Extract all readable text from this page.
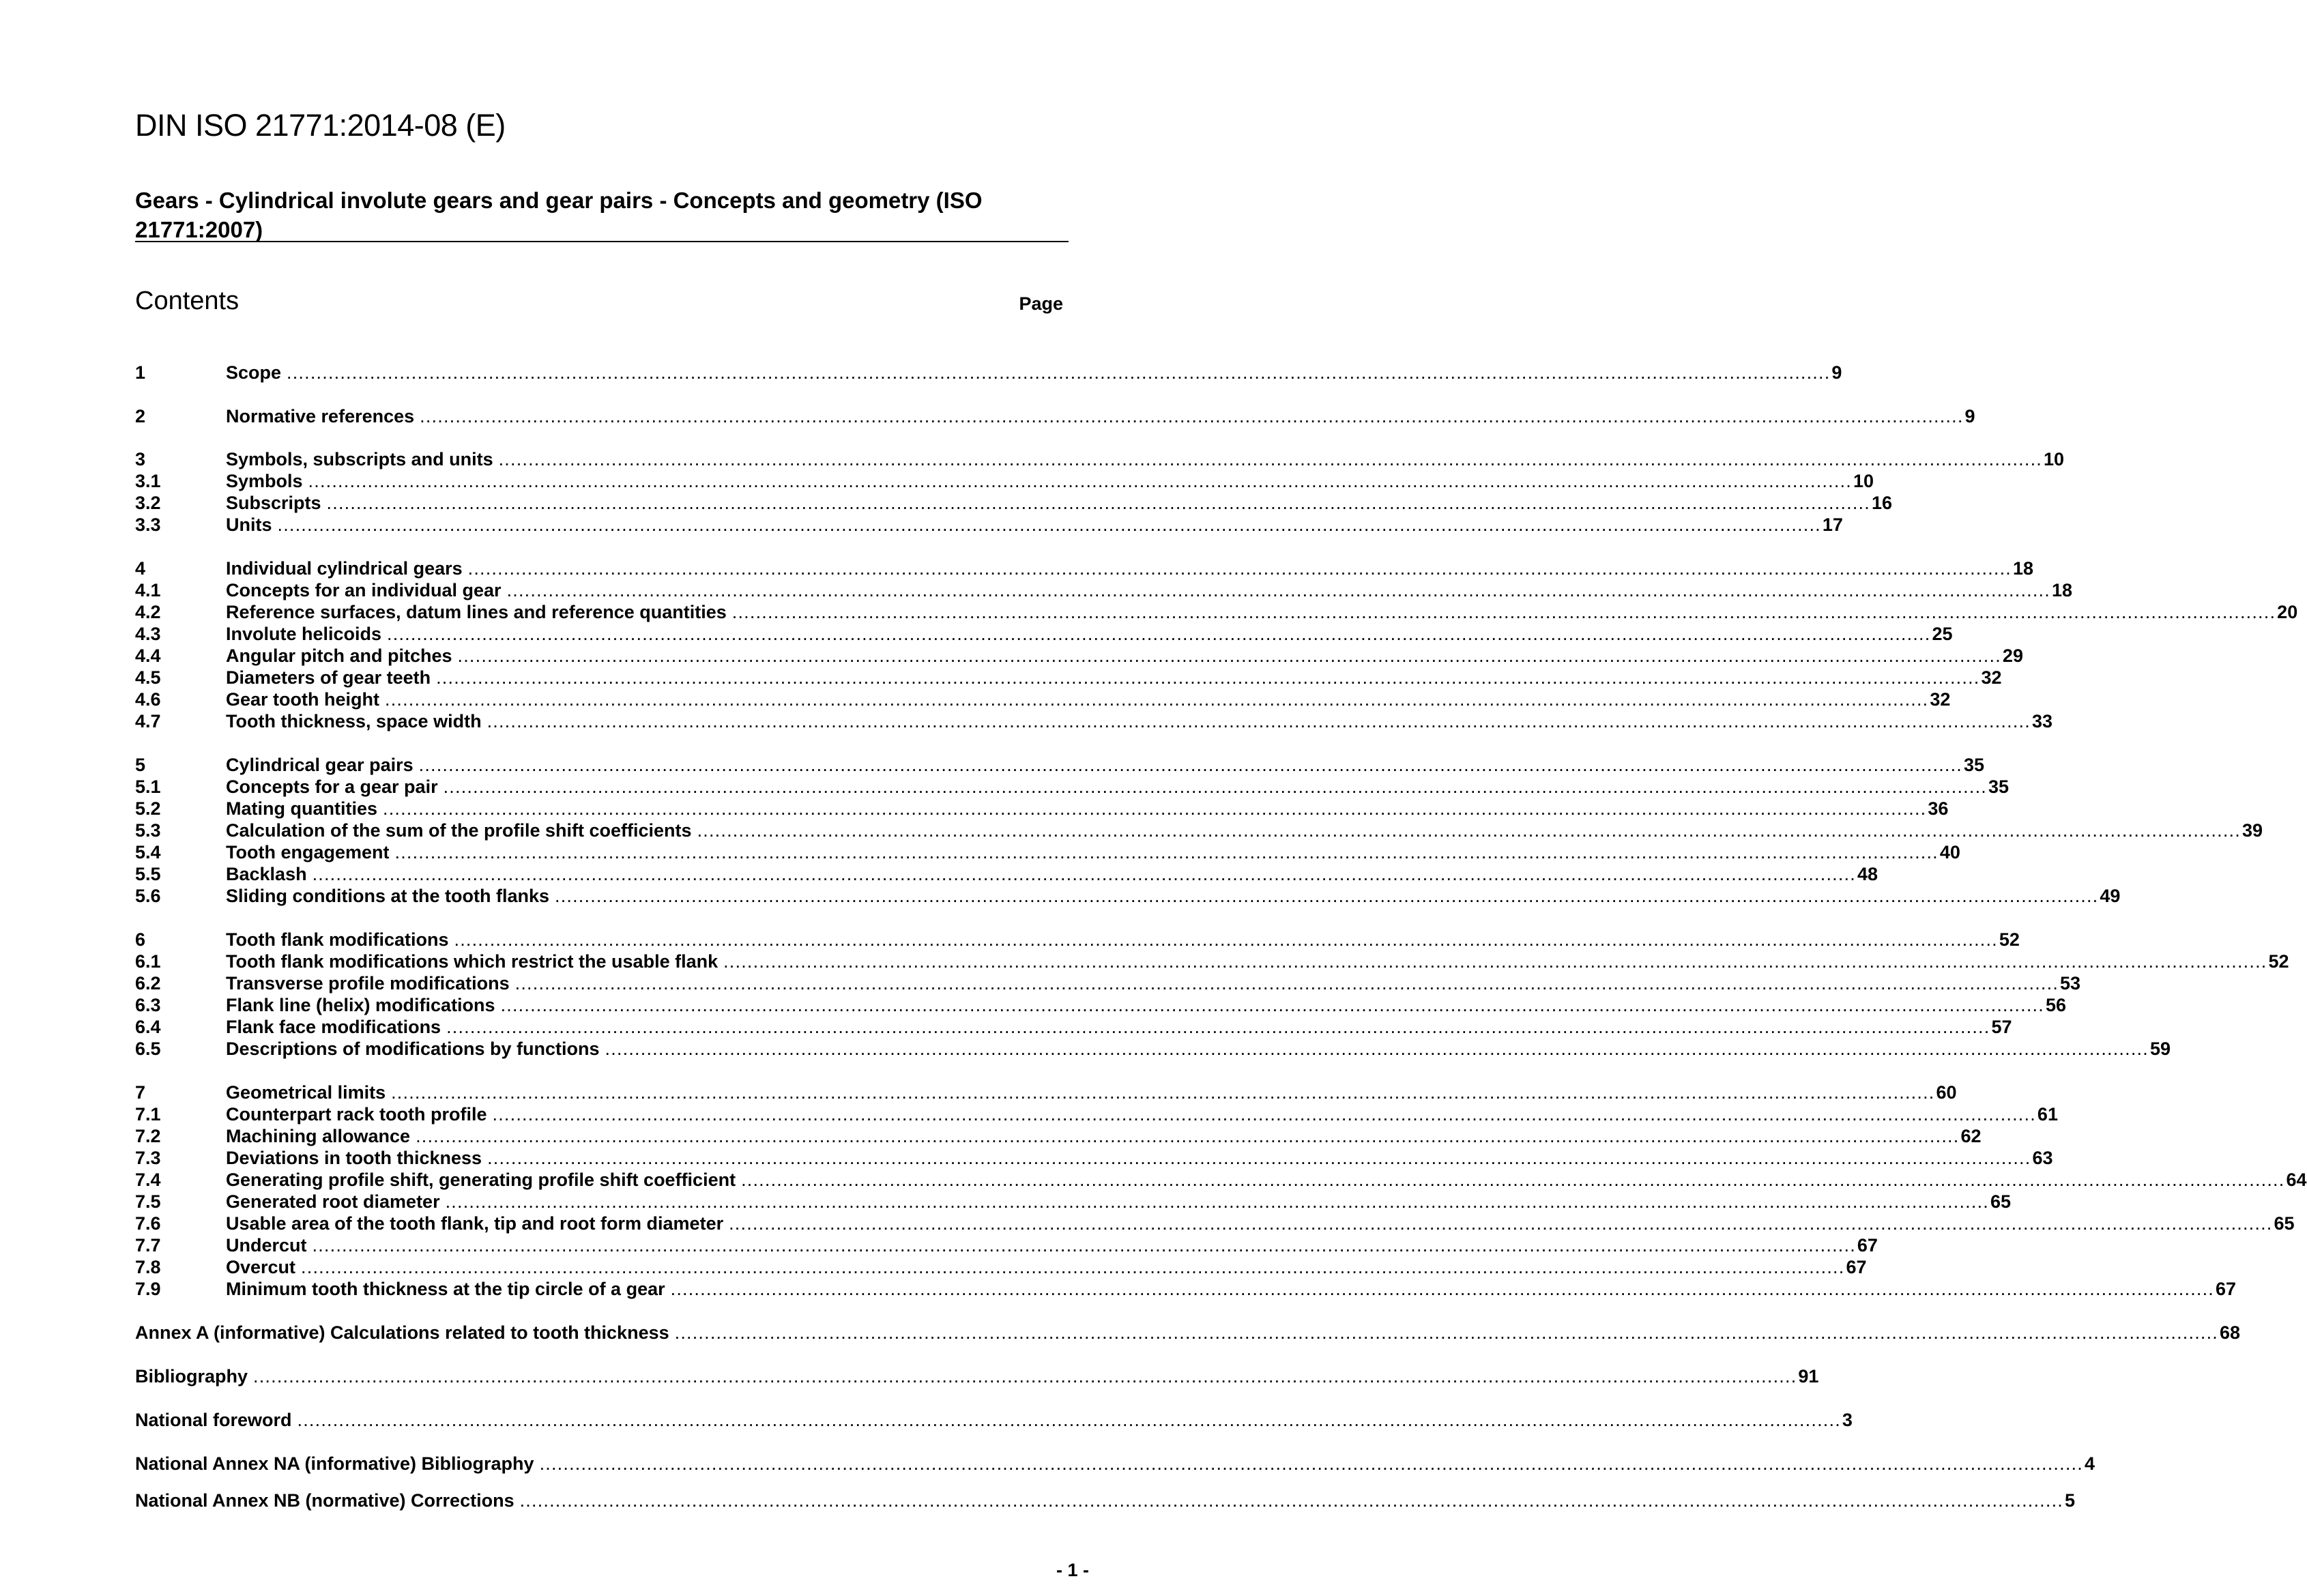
DIN ISO 21771:2014-08 (E)
Gears - Cylindrical involute gears and gear pairs - Concepts and geometry (ISO 21771:2007)
Contents	Page
1	Scope .................................................................................................................................................................................................................................................................... 9
2	Normative references .................................................................................................................................................................................................................................................................... 9
3	Symbols, subscripts and units .................................................................................................................................................................................................................................................................... 10
3.1	Symbols .................................................................................................................................................................................................................................................................... 10
3.2	Subscripts .................................................................................................................................................................................................................................................................... 16
3.3	Units .................................................................................................................................................................................................................................................................... 17
4	Individual cylindrical gears .................................................................................................................................................................................................................................................................... 18
4.1	Concepts for an individual gear .................................................................................................................................................................................................................................................................... 18
4.2	Reference surfaces, datum lines and reference quantities .................................................................................................................................................................................................................................................................... 20
4.3	Involute helicoids .................................................................................................................................................................................................................................................................... 25
4.4	Angular pitch and pitches .................................................................................................................................................................................................................................................................... 29
4.5	Diameters of gear teeth .................................................................................................................................................................................................................................................................... 32
4.6	Gear tooth height .................................................................................................................................................................................................................................................................... 32
4.7	Tooth thickness, space width .................................................................................................................................................................................................................................................................... 33
5	Cylindrical gear pairs .................................................................................................................................................................................................................................................................... 35
5.1	Concepts for a gear pair .................................................................................................................................................................................................................................................................... 35
5.2	Mating quantities .................................................................................................................................................................................................................................................................... 36
5.3	Calculation of the sum of the profile shift coefficients .................................................................................................................................................................................................................................................................... 39
5.4	Tooth engagement .................................................................................................................................................................................................................................................................... 40
5.5	Backlash .................................................................................................................................................................................................................................................................... 48
5.6	Sliding conditions at the tooth flanks .................................................................................................................................................................................................................................................................... 49
6	Tooth flank modifications .................................................................................................................................................................................................................................................................... 52
6.1	Tooth flank modifications which restrict the usable flank .................................................................................................................................................................................................................................................................... 52
6.2	Transverse profile modifications .................................................................................................................................................................................................................................................................... 53
6.3	Flank line (helix) modifications .................................................................................................................................................................................................................................................................... 56
6.4	Flank face modifications .................................................................................................................................................................................................................................................................... 57
6.5	Descriptions of modifications by functions .................................................................................................................................................................................................................................................................... 59
7	Geometrical limits .................................................................................................................................................................................................................................................................... 60
7.1	Counterpart rack tooth profile .................................................................................................................................................................................................................................................................... 61
7.2	Machining allowance .................................................................................................................................................................................................................................................................... 62
7.3	Deviations in tooth thickness .................................................................................................................................................................................................................................................................... 63
7.4	Generating profile shift, generating profile shift coefficient .................................................................................................................................................................................................................................................................... 64
7.5	Generated root diameter .................................................................................................................................................................................................................................................................... 65
7.6	Usable area of the tooth flank, tip and root form diameter .................................................................................................................................................................................................................................................................... 65
7.7	Undercut .................................................................................................................................................................................................................................................................... 67
7.8	Overcut .................................................................................................................................................................................................................................................................... 67
7.9	Minimum tooth thickness at the tip circle of a gear .................................................................................................................................................................................................................................................................... 67
Annex A (informative) Calculations related to tooth thickness .................................................................................................................................................................................................................................................................... 68
Bibliography .................................................................................................................................................................................................................................................................... 91
National foreword .................................................................................................................................................................................................................................................................... 3
National Annex NA (informative) Bibliography .................................................................................................................................................................................................................................................................... 4
National Annex NB (normative) Corrections .................................................................................................................................................................................................................................................................... 5
- 1 -
